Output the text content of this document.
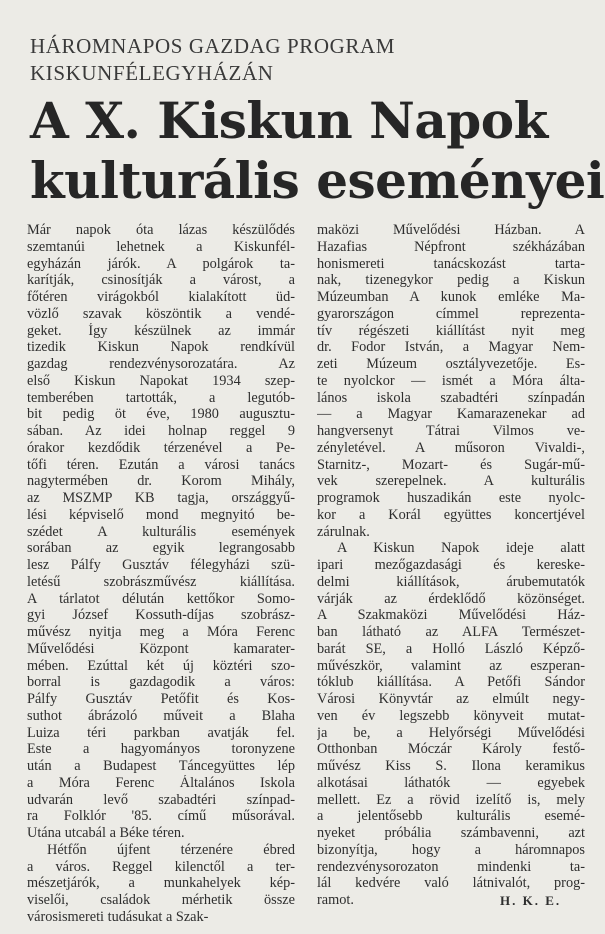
HÁROMNAPOS GAZDAG PROGRAM
KISKUNFÉLEGYHÁZÁN
A X. Kiskun Napok
kulturális eseményei
Már napok óta lázas készülődés
szemtanúi lehetnek a Kiskunfél-
egyházán járók. A polgárok ta-
karítják, csinosítják a várost, a
főtéren virágokból kialakított üd-
vözlő szavak köszöntik a vendé-
geket. Így készülnek az immár
tizedik Kiskun Napok rendkívül
gazdag rendezvénysorozatára. Az
első Kiskun Napokat 1934 szep-
temberében tartották, a legutób-
bit pedig öt éve, 1980 augusztu-
sában. Az idei holnap reggel 9
órakor kezdődik térzenével a Pe-
tőfi téren. Ezután a városi tanács
nagytermében dr. Korom Mihály,
az MSZMP KB tagja, országgyű-
lési képviselő mond megnyitó be-
szédet A kulturális események
sorában az egyik legrangosabb
lesz Pálfy Gusztáv félegyházi szü-
letésű szobrászművész kiállítása.
A tárlatot délután kettőkor Somo-
gyi József Kossuth-díjas szobrász-
művész nyitja meg a Móra Ferenc
Művelődési Központ kamarater-
mében. Ezúttal két új köztéri szo-
borral is gazdagodik a város:
Pálfy Gusztáv Petőfit és Kos-
suthot ábrázoló műveit a Blaha
Luiza téri parkban avatják fel.
Este a hagyományos toronyzene
után a Budapest Táncegyüttes lép
a Móra Ferenc Általános Iskola
udvarán levő szabadtéri színpad-
ra Folklór '85. című műsorával.
Utána utcabál a Béke téren.
Hétfőn újfent térzenére ébred
a város. Reggel kilenctől a ter-
mészetjárók, a munkahelyek kép-
viselői, családok mérhetik össze
városismereti tudásukat a Szak-
maközi Művelődési Házban. A
Hazafias Népfront székházában
honismereti tanácskozást tarta-
nak, tizenegykor pedig a Kiskun
Múzeumban A kunok emléke Ma-
gyarországon címmel reprezenta-
tív régészeti kiállítást nyit meg
dr. Fodor István, a Magyar Nem-
zeti Múzeum osztályvezetője. Es-
te nyolckor — ismét a Móra álta-
lános iskola szabadtéri színpadán
— a Magyar Kamarazenekar ad
hangversenyt Tátrai Vilmos ve-
zényletével. A műsoron Vivaldi-,
Starnitz-, Mozart- és Sugár-mű-
vek szerepelnek. A kulturális
programok huszadikán este nyolc-
kor a Korál együttes koncertjével
zárulnak.
A Kiskun Napok ideje alatt
ipari mezőgazdasági és kereske-
delmi kiállítások, árubemutatók
várják az érdeklődő közönséget.
A Szakmaközi Művelődési Ház-
ban látható az ALFA Természet-
barát SE, a Holló László Képző-
művészkör, valamint az eszperan-
tóklub kiállítása. A Petőfi Sándor
Városi Könyvtár az elmúlt negy-
ven év legszebb könyveit mutat-
ja be, a Helyőrségi Művelődési
Otthonban Móczár Károly festő-
művész Kiss S. Ilona keramikus
alkotásai láthatók — egyebek
mellett. Ez a rövid izelítő is, mely
a jelentősebb kulturális esemé-
nyeket próbália számbavenni, azt
bizonyítja, hogy a háromnapos
rendezvénysorozaton mindenki ta-
lál kedvére való látnivalót, prog-
ramot.	H. K. E.
